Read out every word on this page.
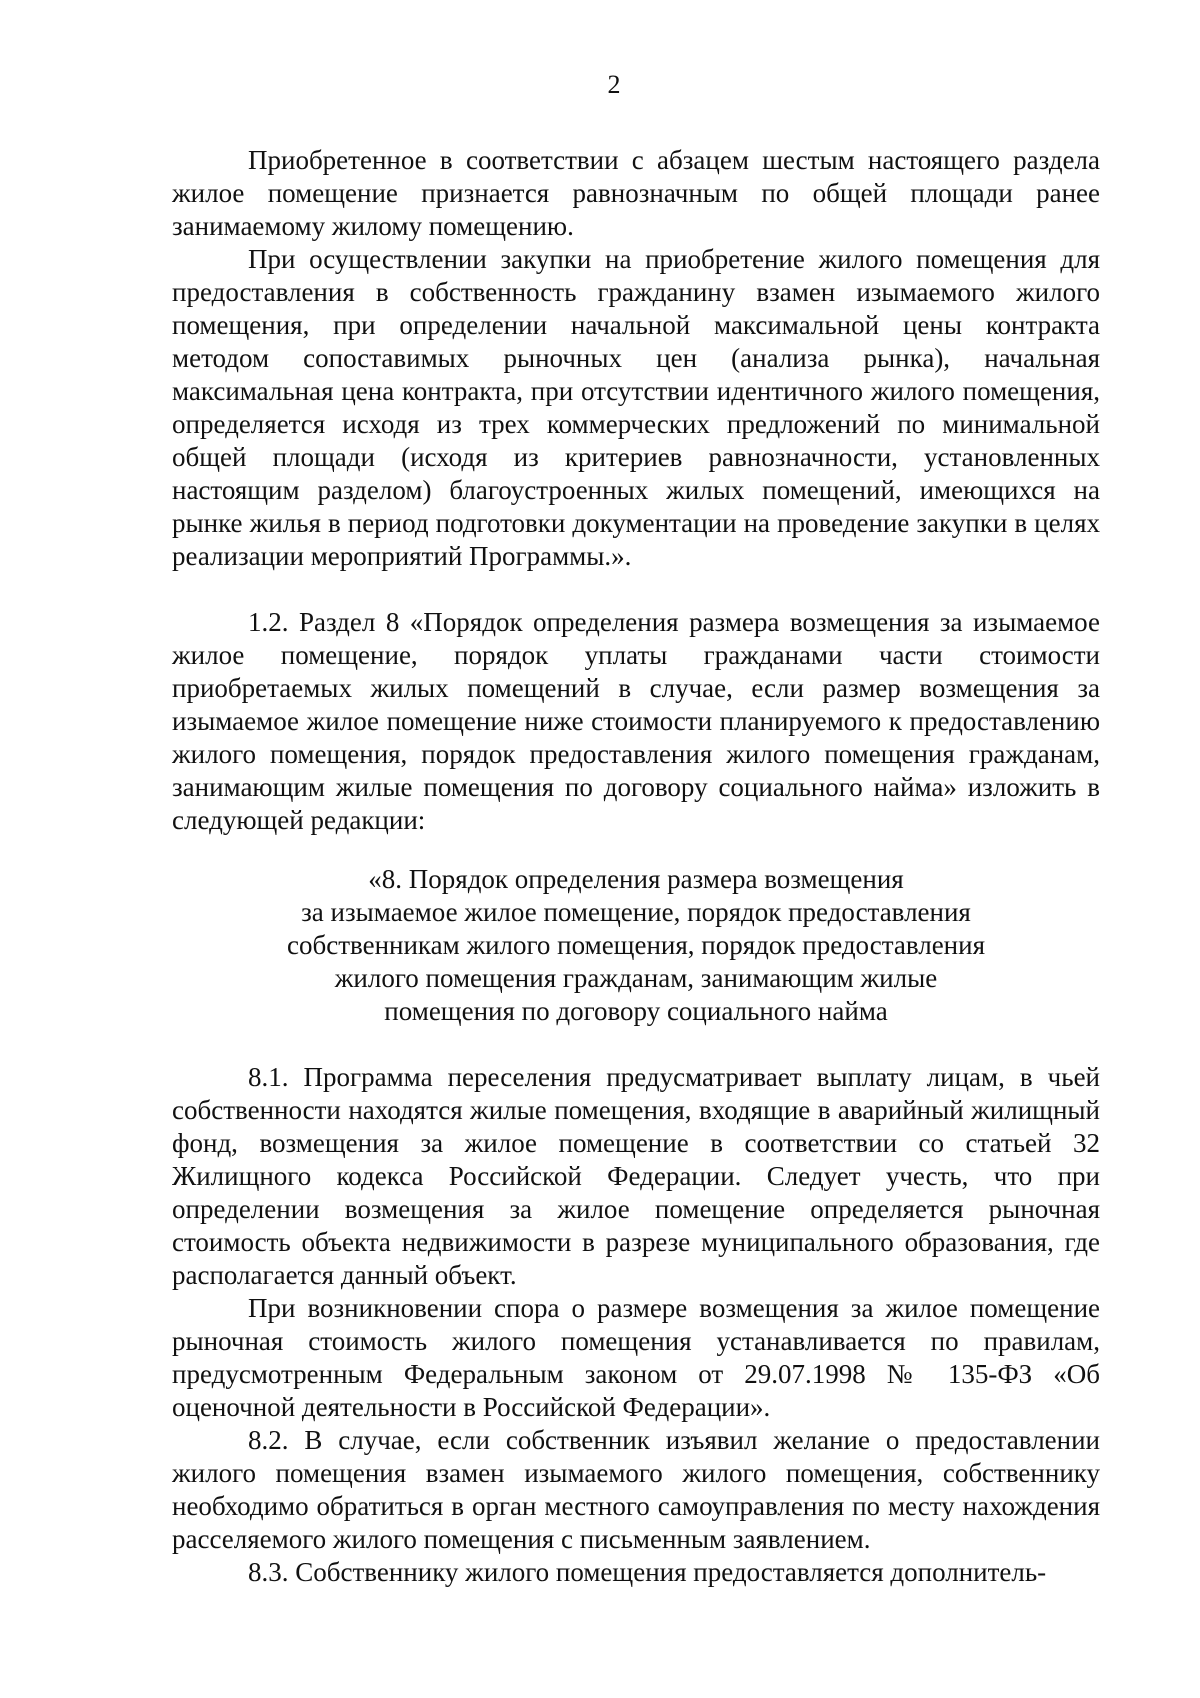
2

Приобретенное в соответствии с абзацем шестым настоящего раздела жилое помещение признается равнозначным по общей площади ранее занимаемому жилому помещению.

При осуществлении закупки на приобретение жилого помещения для предоставления в собственность гражданину взамен изымаемого жилого помещения, при определении начальной максимальной цены контракта методом сопоставимых рыночных цен (анализа рынка), начальная максимальная цена контракта, при отсутствии идентичного жилого помещения, определяется исходя из трех коммерческих предложений по минимальной общей площади (исходя из критериев равнозначности, установленных настоящим разделом) благоустроенных жилых помещений, имеющихся на рынке жилья в период подготовки документации на проведение закупки в целях реализации мероприятий Программы.».

1.2. Раздел 8 «Порядок определения размера возмещения за изымаемое жилое помещение, порядок уплаты гражданами части стоимости приобретаемых жилых помещений в случае, если размер возмещения за изымаемое жилое помещение ниже стоимости планируемого к предоставлению жилого помещения, порядок предоставления жилого помещения гражданам, занимающим жилые помещения по договору социального найма» изложить в следующей редакции:

«8. Порядок определения размера возмещения
за изымаемое жилое помещение, порядок предоставления
собственникам жилого помещения, порядок предоставления
жилого помещения гражданам, занимающим жилые
помещения по договору социального найма

8.1. Программа переселения предусматривает выплату лицам, в чьей собственности находятся жилые помещения, входящие в аварийный жилищный фонд, возмещения за жилое помещение в соответствии со статьей 32 Жилищного кодекса Российской Федерации. Следует учесть, что при определении возмещения за жилое помещение определяется рыночная стоимость объекта недвижимости в разрезе муниципального образования, где располагается данный объект.

При возникновении спора о размере возмещения за жилое помещение рыночная стоимость жилого помещения устанавливается по правилам, предусмотренным Федеральным законом от 29.07.1998 № 135-ФЗ «Об оценочной деятельности в Российской Федерации».

8.2. В случае, если собственник изъявил желание о предоставлении жилого помещения взамен изымаемого жилого помещения, собственнику необходимо обратиться в орган местного самоуправления по месту нахождения расселяемого жилого помещения с письменным заявлением.

8.3. Собственнику жилого помещения предоставляется дополнитель-
